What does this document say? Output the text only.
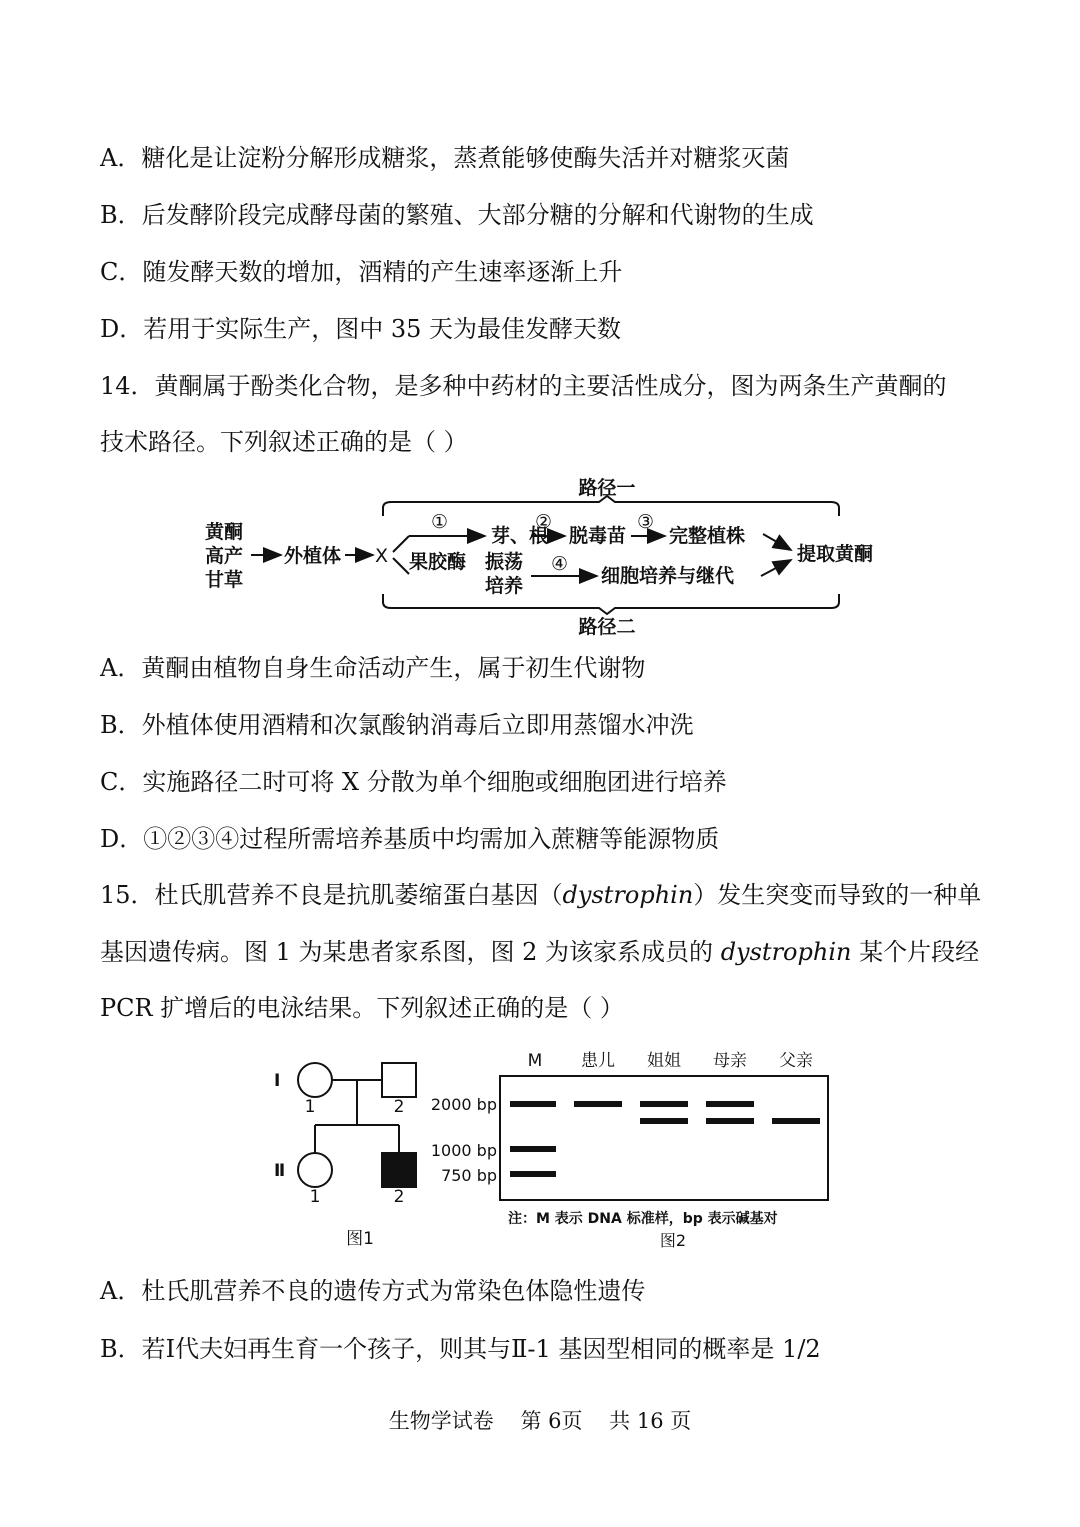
A．糖化是让淀粉分解形成糖浆，蒸煮能够使酶失活并对糖浆灭菌
B．后发酵阶段完成酵母菌的繁殖、大部分糖的分解和代谢物的生成
C．随发酵天数的增加，酒精的产生速率逐渐上升
D．若用于实际生产，图中 35 天为最佳发酵天数
14．黄酮属于酚类化合物，是多种中药材的主要活性成分，图为两条生产黄酮的
技术路径。下列叙述正确的是（ ）
路径一
路径二
黄酮
高产
甘草
外植体 X
①
芽、根
②
脱毒苗
③
完整植株
果胶酶 振荡
培养
④
细胞培养与继代
提取黄酮
A．黄酮由植物自身生命活动产生，属于初生代谢物
B．外植体使用酒精和次氯酸钠消毒后立即用蒸馏水冲洗
C．实施路径二时可将 X 分散为单个细胞或细胞团进行培养
D．①②③④过程所需培养基质中均需加入蔗糖等能源物质
15．杜氏肌营养不良是抗肌萎缩蛋白基因（dystrophin）发生突变而导致的一种单
基因遗传病。图 1 为某患者家系图，图 2 为该家系成员的 dystrophin 某个片段经
PCR 扩增后的电泳结果。下列叙述正确的是（ ）
Ⅰ
Ⅱ
1	2
1	2
图1
M 患儿 姐姐 母亲 父亲
2000 bp
1000 bp
750 bp
注：M 表示 DNA 标准样，bp 表示碱基对
图2
A．杜氏肌营养不良的遗传方式为常染色体隐性遗传
B．若Ⅰ代夫妇再生育一个孩子，则其与Ⅱ-1 基因型相同的概率是 1/2
生物学试卷 第 6页 共 16 页
